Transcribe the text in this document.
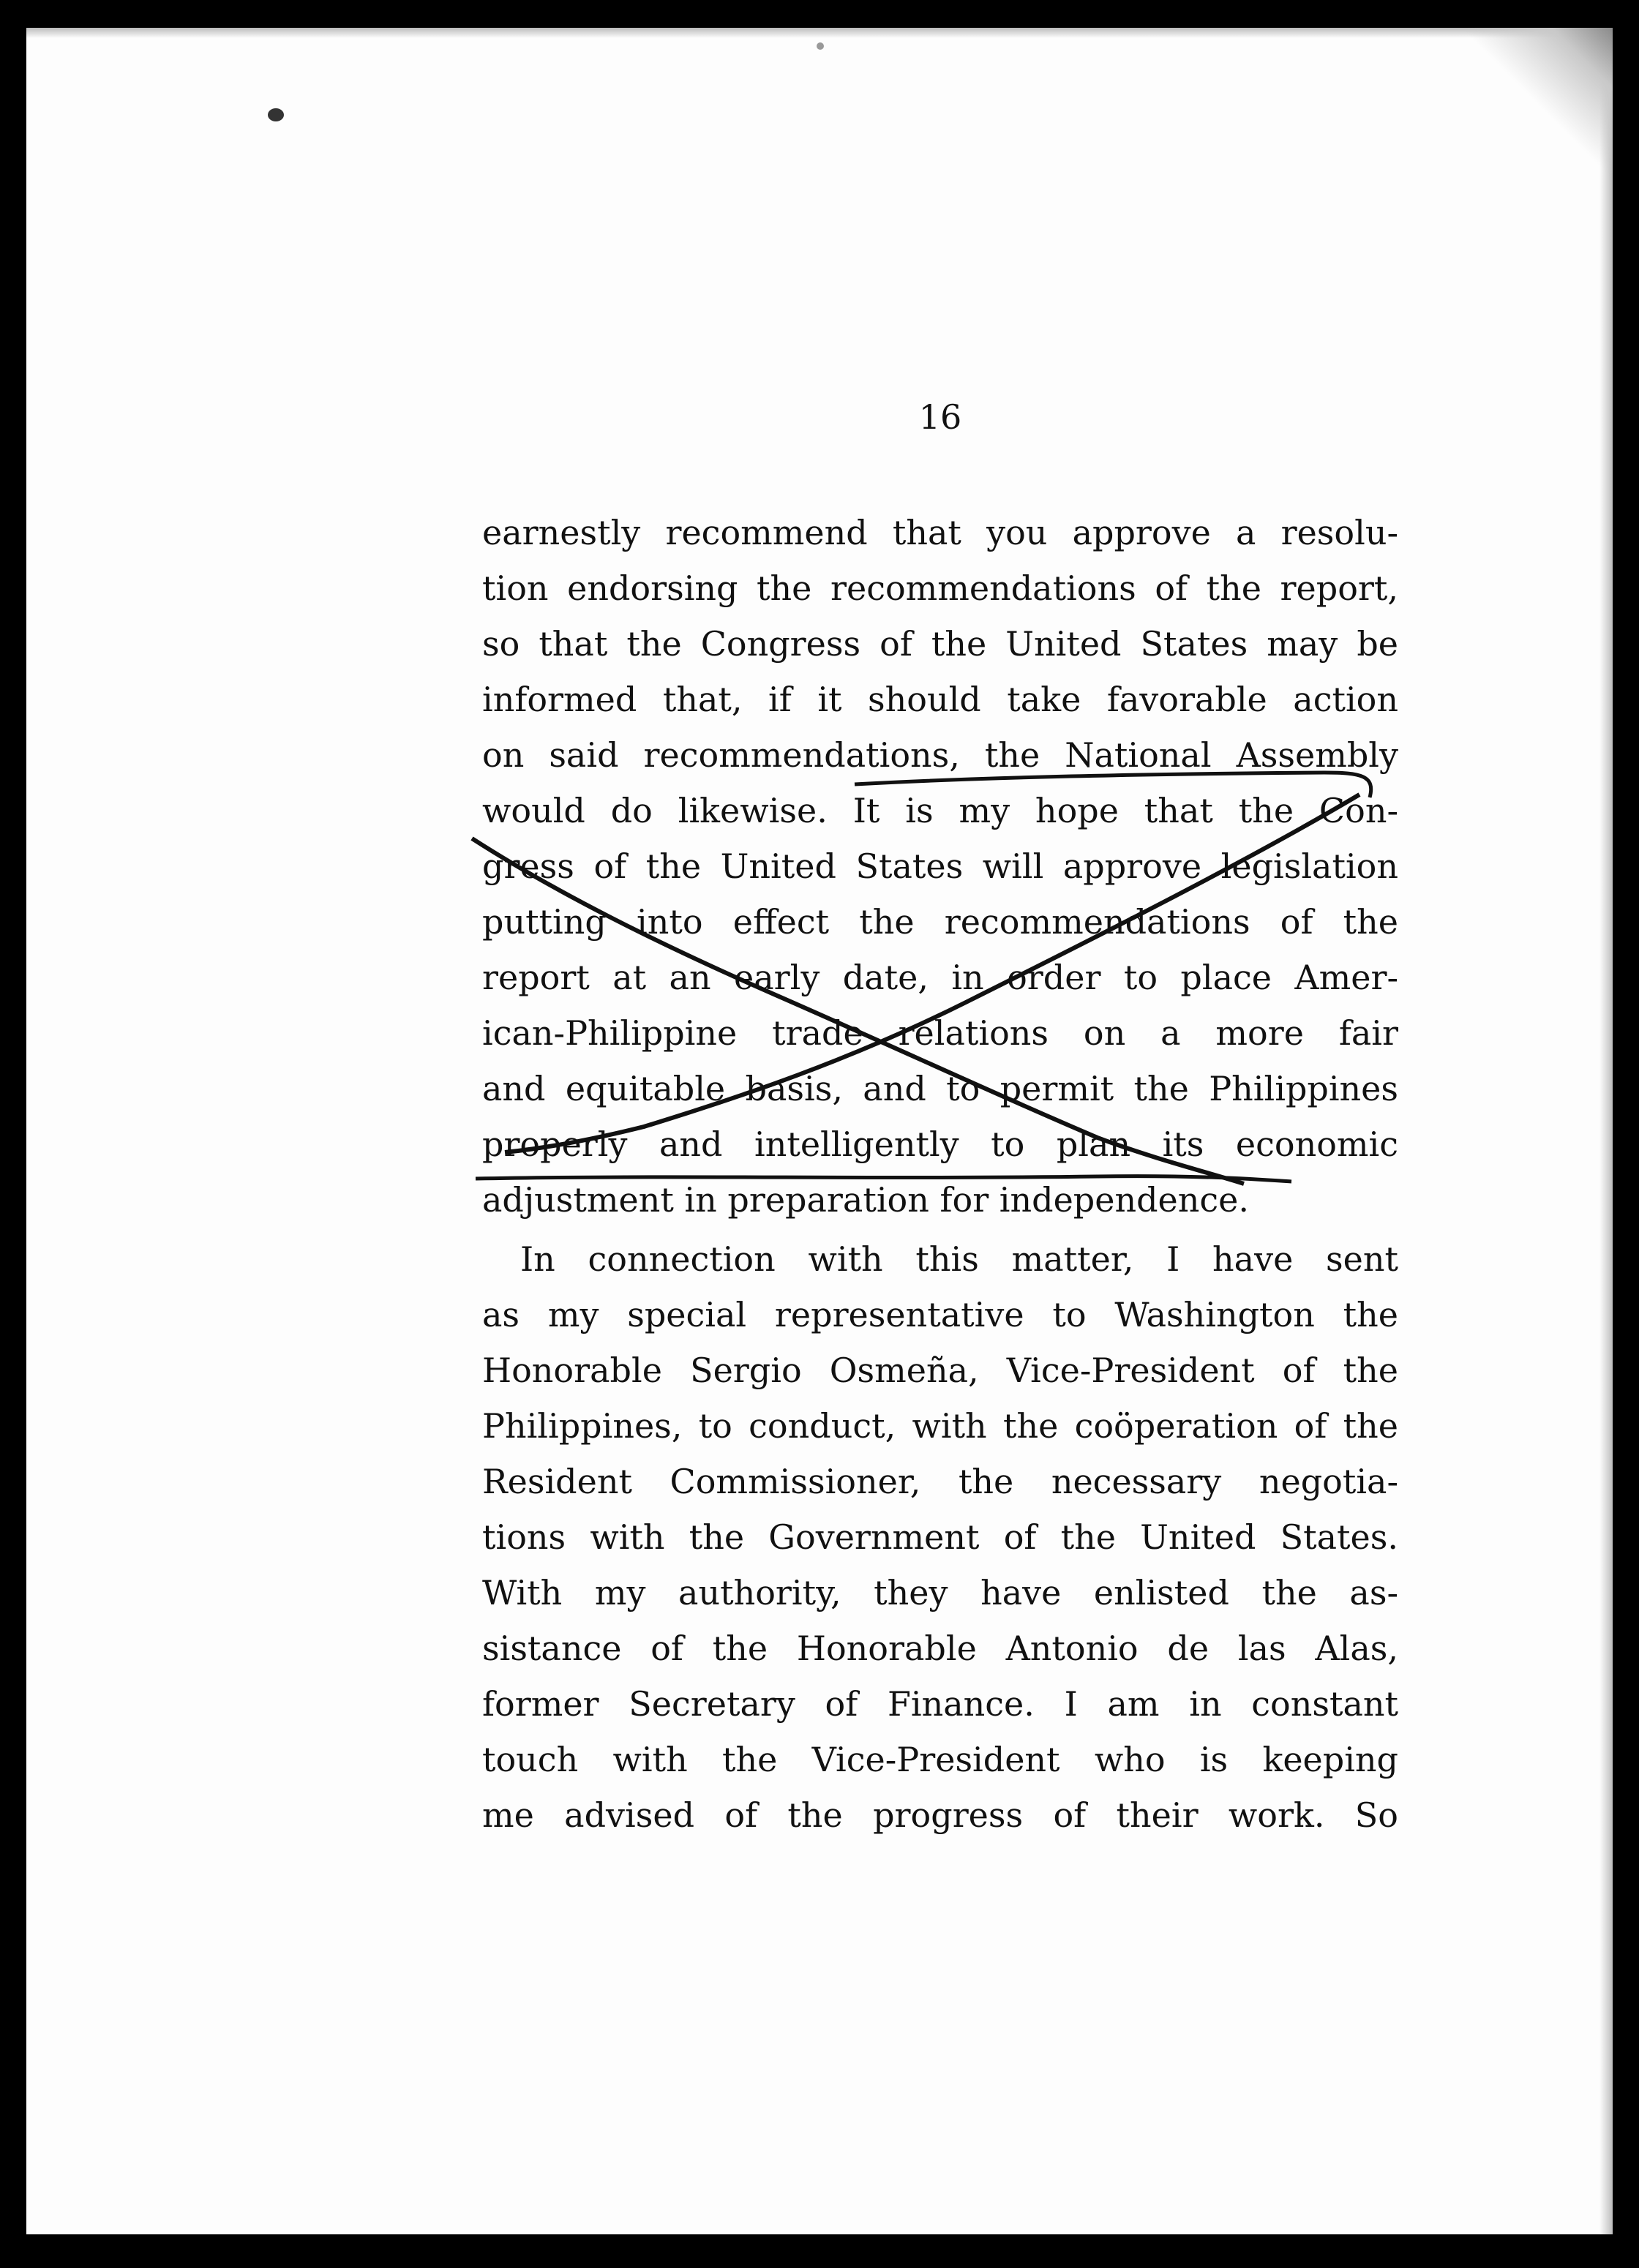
16
earnestly recommend that you approve a resolu-
tion endorsing the recommendations of the report,
so that the Congress of the United States may be
informed that, if it should take favorable action
on said recommendations, the National Assembly
would do likewise. It is my hope that the Con-
gress of the United States will approve legislation
putting into effect the recommendations of the
report at an early date, in order to place Amer-
ican-Philippine trade relations on a more fair
and equitable basis, and to permit the Philippines
properly and intelligently to plan its economic
adjustment in preparation for independence.
In connection with this matter, I have sent
as my special representative to Washington the
Honorable Sergio Osmeña, Vice-President of the
Philippines, to conduct, with the coöperation of the
Resident Commissioner, the necessary negotia-
tions with the Government of the United States.
With my authority, they have enlisted the as-
sistance of the Honorable Antonio de las Alas,
former Secretary of Finance. I am in constant
touch with the Vice-President who is keeping
me advised of the progress of their work. So
